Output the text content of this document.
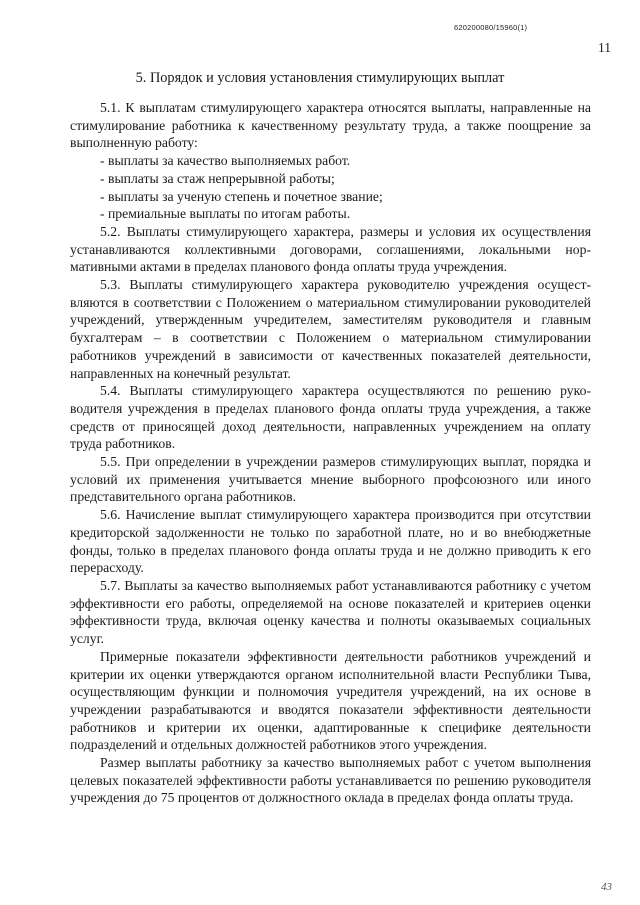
620200080/15960(1)
11
5. Порядок и условия установления стимулирующих выплат

5.1. К выплатам стимулирующего характера относятся выплаты, направленные на стимулирование работника к качественному результату труда, а также поощрение за выполненную работу:

- выплаты за качество выполняемых работ.

- выплаты за стаж непрерывной работы;

- выплаты за ученую степень и почетное звание;

- премиальные выплаты по итогам работы.

5.2. Выплаты стимулирующего характера, размеры и условия их осуществления устанавливаются коллективными договорами, соглашениями, локальными нормативными актами в пределах планового фонда оплаты труда учреждения.

5.3. Выплаты стимулирующего характера руководителю учреждения осуществляются в соответствии с Положением о материальном стимулировании руководителей учреждений, утвержденным учредителем, заместителям руководителя и главным бухгалтерам – в соответствии с Положением о материальном стимулировании работников учреждений в зависимости от качественных показателей деятельности, направленных на конечный результат.

5.4. Выплаты стимулирующего характера осуществляются по решению руководителя учреждения в пределах планового фонда оплаты труда учреждения, а также средств от приносящей доход деятельности, направленных учреждением на оплату труда работников.

5.5. При определении в учреждении размеров стимулирующих выплат, порядка и условий их применения учитывается мнение выборного профсоюзного или иного представительного органа работников.

5.6. Начисление выплат стимулирующего характера производится при отсутствии кредиторской задолженности не только по заработной плате, но и во внебюджетные фонды, только в пределах планового фонда оплаты труда и не должно приводить к его перерасходу.

5.7. Выплаты за качество выполняемых работ устанавливаются работнику с учетом эффективности его работы, определяемой на основе показателей и критериев оценки эффективности труда, включая оценку качества и полноты оказываемых социальных услуг.

Примерные показатели эффективности деятельности работников учреждений и критерии их оценки утверждаются органом исполнительной власти Республики Тыва, осуществляющим функции и полномочия учредителя учреждений, на их основе в учреждении разрабатываются и вводятся показатели эффективности деятельности работников и критерии их оценки, адаптированные к специфике деятельности подразделений и отдельных должностей работников этого учреждения.

Размер выплаты работнику за качество выполняемых работ с учетом выполнения целевых показателей эффективности работы устанавливается по решению руководителя учреждения до 75 процентов от должностного оклада в пределах фонда оплаты труда.

43
